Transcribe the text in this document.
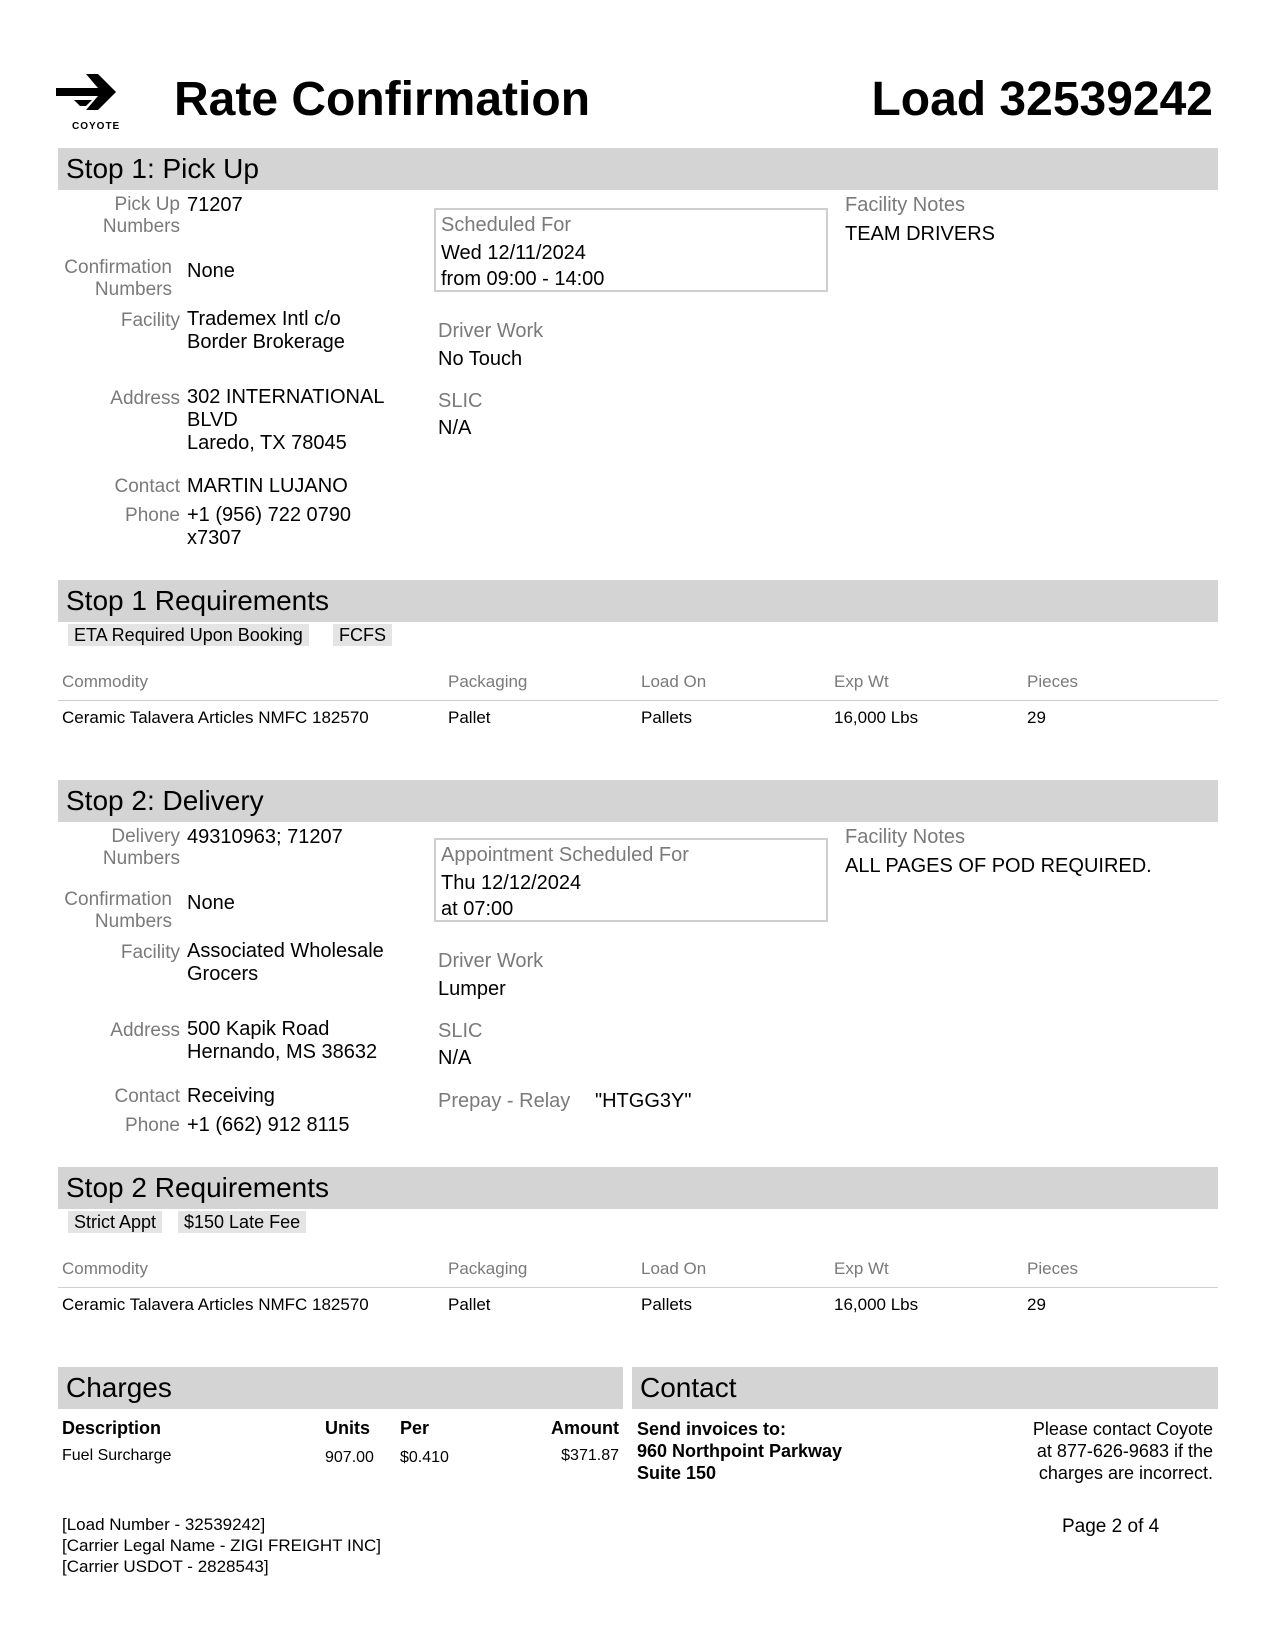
COYOTE
Rate Confirmation	Load 32539242
Stop 1: Pick Up
Pick Up
Numbers
71207
Confirmation
Numbers
None
Facility Trademex Intl c/o
Border Brokerage
Address 302 INTERNATIONAL
BLVD
Laredo, TX 78045
Contact MARTIN LUJANO
Phone +1 (956) 722 0790
x7307
Scheduled For
Wed 12/11/2024
from 09:00 - 14:00
Driver Work
No Touch
SLIC
N/A
Facility Notes
TEAM DRIVERS
Stop 1 Requirements
ETA Required Upon Booking	FCFS
Commodity	Packaging	Load On	Exp Wt	Pieces
Ceramic Talavera Articles NMFC 182570	Pallet	Pallets	16,000 Lbs	29
Stop 2: Delivery
Delivery
Numbers
49310963; 71207
Confirmation
Numbers
None
Facility Associated Wholesale
Grocers
Address 500 Kapik Road
Hernando, MS 38632
Contact Receiving
Phone +1 (662) 912 8115
Appointment Scheduled For
Thu 12/12/2024
at 07:00
Driver Work
Lumper
SLIC
N/A
Prepay - Relay "HTGG3Y"
Facility Notes
ALL PAGES OF POD REQUIRED.
Stop 2 Requirements
Strict Appt	$150 Late Fee
Commodity	Packaging	Load On	Exp Wt	Pieces
Ceramic Talavera Articles NMFC 182570	Pallet	Pallets	16,000 Lbs	29
Charges
Description	Units Per	Amount
Fuel Surcharge	907.00 $0.410	$371.87
Contact
Send invoices to:
960 Northpoint Parkway
Suite 150
Please contact Coyote
at 877-626-9683 if the
charges are incorrect.
[Load Number - 32539242]
[Carrier Legal Name - ZIGI FREIGHT INC]
[Carrier USDOT - 2828543]
Page 2 of 4
